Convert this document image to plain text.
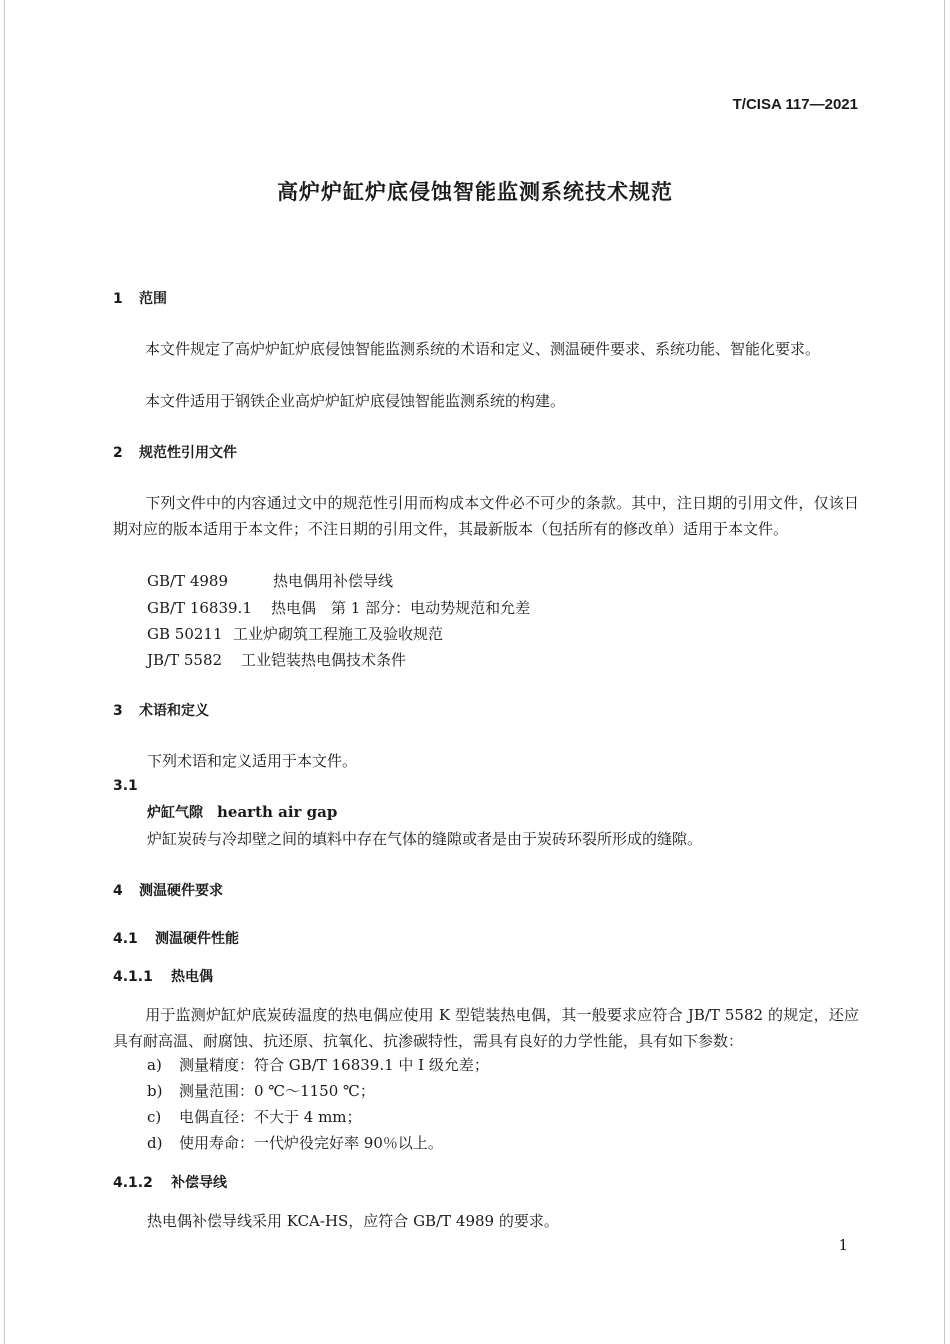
T/CISA 117—2021
高炉炉缸炉底侵蚀智能监测系统技术规范
1 范围
本文件规定了高炉炉缸炉底侵蚀智能监测系统的术语和定义、测温硬件要求、系统功能、智能化要求。
本文件适用于钢铁企业高炉炉缸炉底侵蚀智能监测系统的构建。
2 规范性引用文件
下列文件中的内容通过文中的规范性引用而构成本文件必不可少的条款。其中，注日期的引用文件，仅该日期对应的版本适用于本文件；不注日期的引用文件，其最新版本（包括所有的修改单）适用于本文件。
GB/T 4989	热电偶用补偿导线
GB/T 16839.1 热电偶　第 1 部分：电动势规范和允差
GB 50211 工业炉砌筑工程施工及验收规范
JB/T 5582 工业铠装热电偶技术条件
3 术语和定义
下列术语和定义适用于本文件。
3.1
炉缸气隙 hearth air gap
炉缸炭砖与冷却壁之间的填料中存在气体的缝隙或者是由于炭砖环裂所形成的缝隙。
4 测温硬件要求
4.1 测温硬件性能
4.1.1 热电偶
用于监测炉缸炉底炭砖温度的热电偶应使用 K 型铠装热电偶，其一般要求应符合 JB/T 5582 的规定，还应具有耐高温、耐腐蚀、抗还原、抗氧化、抗渗碳特性，需具有良好的力学性能，具有如下参数：
a) 测量精度：符合 GB/T 16839.1 中 Ⅰ 级允差；
b) 测量范围：0 ℃～1150 ℃；
c) 电偶直径：不大于 4 mm；
d) 使用寿命：一代炉役完好率 90％以上。
4.1.2 补偿导线
热电偶补偿导线采用 KCA-HS，应符合 GB/T 4989 的要求。
1
